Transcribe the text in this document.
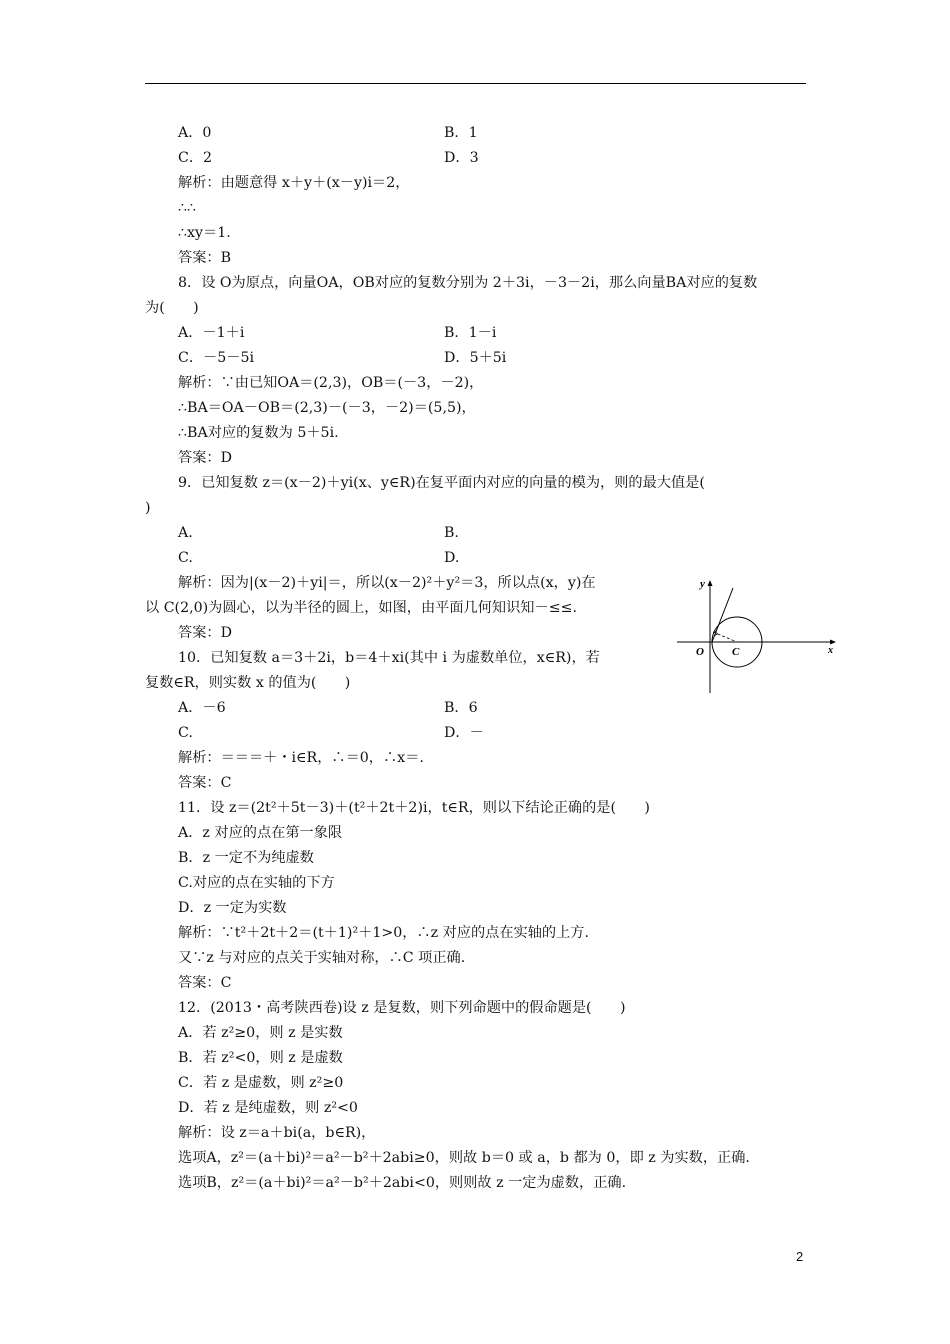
A．0	B．1
C．2	D．3
解析：由题意得 x＋y＋(x－y)i＝2，
∴∴
∴xy＝1.
答案：B
8．设 O为原点，向量OA，OB对应的复数分别为 2＋3i，－3－2i，那么向量BA对应的复数
为(　　)
A．－1＋i	B．1－i
C．－5－5i	D．5＋5i
解析：∵由已知OA＝(2,3)，OB＝(－3，－2)，
∴BA＝OA－OB＝(2,3)－(－3，－2)＝(5,5)，
∴BA对应的复数为 5＋5i.
答案：D
9．已知复数 z＝(x－2)＋yi(x、y∈R)在复平面内对应的向量的模为，则的最大值是(
)
A.	B.
C.	D.
解析：因为|(x－2)＋yi|＝，所以(x－2)²＋y²＝3，所以点(x，y)在
以 C(2,0)为圆心，以为半径的圆上，如图，由平面几何知识知－≤≤.
答案：D
10．已知复数 a＝3＋2i，b＝4＋xi(其中 i 为虚数单位，x∈R)，若
复数∈R，则实数 x 的值为(　　)
A．－6	B．6
C.	D．－
解析：＝＝＝＋・i∈R，∴＝0，∴x＝.
答案：C
11．设 z＝(2t²＋5t－3)＋(t²＋2t＋2)i，t∈R，则以下结论正确的是(　　)
A．z 对应的点在第一象限
B．z 一定不为纯虚数
C.对应的点在实轴的下方
D．z 一定为实数
解析：∵t²＋2t＋2＝(t＋1)²＋1>0，∴z 对应的点在实轴的上方.
又∵z 与对应的点关于实轴对称，∴C 项正确.
答案：C
12．(2013・高考陕西卷)设 z 是复数，则下列命题中的假命题是(　　)
A．若 z²≥0，则 z 是实数
B．若 z²<0，则 z 是虚数
C．若 z 是虚数，则 z²≥0
D．若 z 是纯虚数，则 z²<0
解析：设 z＝a＋bi(a，b∈R)，
选项A，z²＝(a＋bi)²＝a²－b²＋2abi≥0，则故 b＝0 或 a，b 都为 0，即 z 为实数，正确.
选项B，z²＝(a＋bi)²＝a²－b²＋2abi<0，则则故 z 一定为虚数，正确.
y
x
O	C
2
